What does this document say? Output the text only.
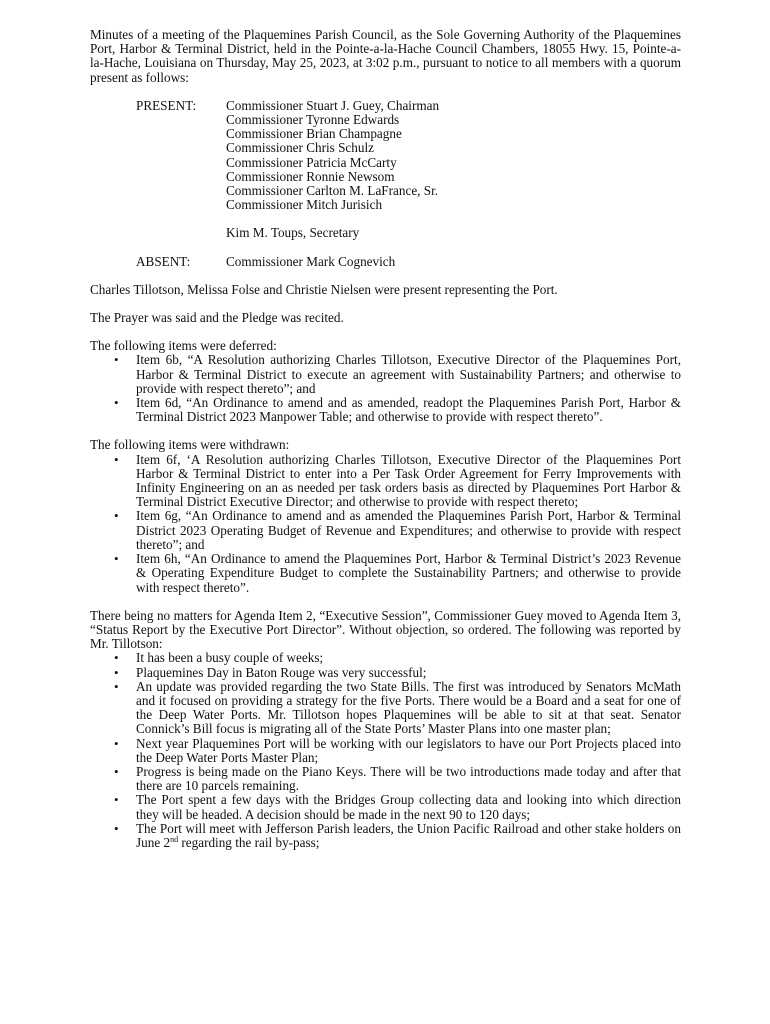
Minutes of a meeting of the Plaquemines Parish Council, as the Sole Governing Authority of the Plaquemines Port, Harbor & Terminal District, held in the Pointe-a-la-Hache Council Chambers, 18055 Hwy. 15, Pointe-a-la-Hache, Louisiana on Thursday, May 25, 2023, at 3:02 p.m., pursuant to notice to all members with a quorum present as follows:

PRESENT:	Commissioner Stuart J. Guey, Chairman
Commissioner Tyronne Edwards
Commissioner Brian Champagne
Commissioner Chris Schulz
Commissioner Patricia McCarty
Commissioner Ronnie Newsom
Commissioner Carlton M. LaFrance, Sr.
Commissioner Mitch Jurisich
Kim M. Toups, Secretary
ABSENT:	Commissioner Mark Cognevich

Charles Tillotson, Melissa Folse and Christie Nielsen were present representing the Port.

The Prayer was said and the Pledge was recited.

The following items were deferred:

• Item 6b, “A Resolution authorizing Charles Tillotson, Executive Director of the Plaquemines Port, Harbor & Terminal District to execute an agreement with Sustainability Partners; and otherwise to provide with respect thereto”; and
• Item 6d, “An Ordinance to amend and as amended, readopt the Plaquemines Parish Port, Harbor & Terminal District 2023 Manpower Table; and otherwise to provide with respect thereto”.

The following items were withdrawn:

• Item 6f, ‘A Resolution authorizing Charles Tillotson, Executive Director of the Plaquemines Port Harbor & Terminal District to enter into a Per Task Order Agreement for Ferry Improvements with Infinity Engineering on an as needed per task orders basis as directed by Plaquemines Port Harbor & Terminal District Executive Director; and otherwise to provide with respect thereto;
• Item 6g, “An Ordinance to amend and as amended the Plaquemines Parish Port, Harbor & Terminal District 2023 Operating Budget of Revenue and Expenditures; and otherwise to provide with respect thereto”; and
• Item 6h, “An Ordinance to amend the Plaquemines Port, Harbor & Terminal District’s 2023 Revenue & Operating Expenditure Budget to complete the Sustainability Partners; and otherwise to provide with respect thereto”.

There being no matters for Agenda Item 2, “Executive Session”, Commissioner Guey moved to Agenda Item 3, “Status Report by the Executive Port Director”. Without objection, so ordered. The following was reported by Mr. Tillotson:

• It has been a busy couple of weeks;
• Plaquemines Day in Baton Rouge was very successful;
• An update was provided regarding the two State Bills. The first was introduced by Senators McMath and it focused on providing a strategy for the five Ports. There would be a Board and a seat for one of the Deep Water Ports. Mr. Tillotson hopes Plaquemines will be able to sit at that seat. Senator Connick’s Bill focus is migrating all of the State Ports’ Master Plans into one master plan;
• Next year Plaquemines Port will be working with our legislators to have our Port Projects placed into the Deep Water Ports Master Plan;
• Progress is being made on the Piano Keys. There will be two introductions made today and after that there are 10 parcels remaining.
• The Port spent a few days with the Bridges Group collecting data and looking into which direction they will be headed. A decision should be made in the next 90 to 120 days;
• The Port will meet with Jefferson Parish leaders, the Union Pacific Railroad and other stake holders on June 2nd regarding the rail by-pass;
